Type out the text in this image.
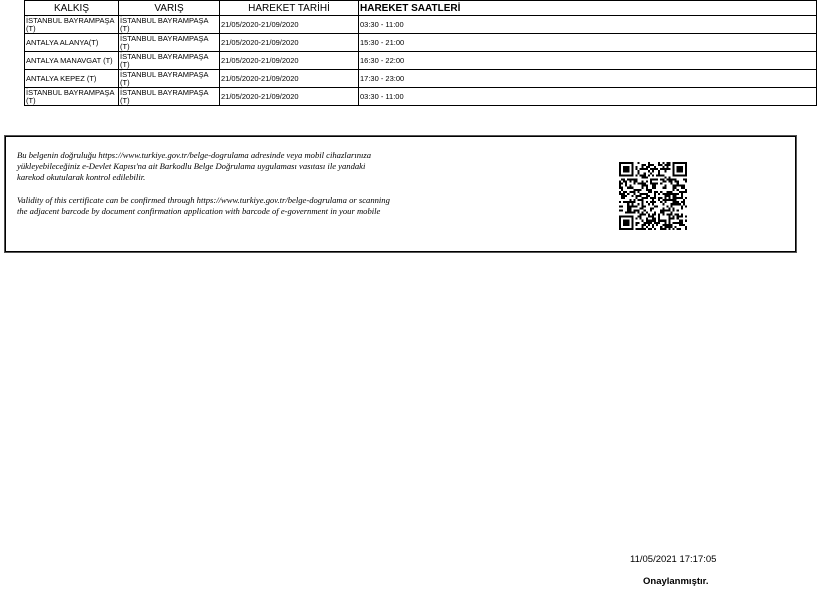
KALKIŞ	VARIŞ	HAREKET TARİHİ	HAREKET SAATLERİ
İSTANBUL BAYRAMPAŞA (T)	İSTANBUL BAYRAMPAŞA (T)	21/05/2020-21/09/2020	03:30 - 11:00
ANTALYA ALANYA(T)	İSTANBUL BAYRAMPAŞA (T)	21/05/2020-21/09/2020	15:30 - 21:00
ANTALYA MANAVGAT (T)	İSTANBUL BAYRAMPAŞA (T)	21/05/2020-21/09/2020	16:30 - 22:00
ANTALYA KEPEZ (T)	İSTANBUL BAYRAMPAŞA (T)	21/05/2020-21/09/2020	17:30 - 23:00
İSTANBUL BAYRAMPAŞA (T)	İSTANBUL BAYRAMPAŞA (T)	21/05/2020-21/09/2020	03:30 - 11:00

Bu belgenin doğruluğu https://www.turkiye.gov.tr/belge-dogrulama adresinde veya mobil cihazlarınıza yükleyebileceğiniz e-Devlet Kapısı'na ait Barkodlu Belge Doğrulama uygulaması vasıtası ile yandaki karekod okutularak kontrol edilebilir.

Validity of this certificate can be confirmed through https://www.turkiye.gov.tr/belge-dogrulama or scanning the adjacent barcode by document confirmation application with barcode of e-government in your mobile

11/05/2021 17:17:05
Onaylanmıştır.
